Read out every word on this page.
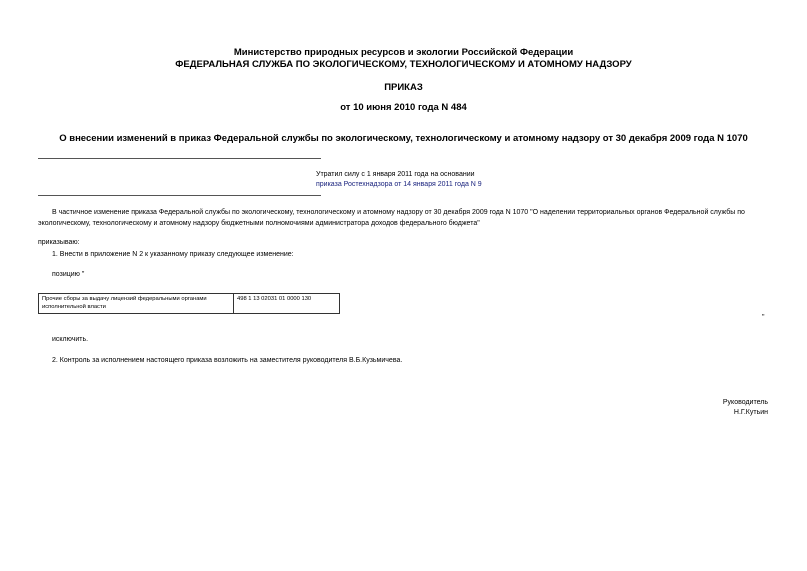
Министерство природных ресурсов и экологии Российской Федерации
ФЕДЕРАЛЬНАЯ СЛУЖБА ПО ЭКОЛОГИЧЕСКОМУ, ТЕХНОЛОГИЧЕСКОМУ И АТОМНОМУ НАДЗОРУ
ПРИКАЗ
от 10 июня 2010 года N 484
О внесении изменений в приказ Федеральной службы по экологическому, технологическому и атомному надзору от 30 декабря 2009 года N 1070
Утратил силу с 1 января 2011 года на основании
приказа Ростехнадзора от 14 января 2011 года N 9
В частичное изменение приказа Федеральной службы по экологическому, технологическому и атомному надзору от 30 декабря 2009 года N 1070 "О наделении территориальных органов Федеральной службы по
экологическому, технологическому и атомному надзору бюджетными полномочиями администратора доходов федерального бюджета"
приказываю:
1. Внести в приложение N 2 к указанному приказу следующее изменение:
позицию "
Прочие сборы за выдачу лицензий федеральными органами исполнительной власти	498 1 13 02031 01 0000 130
"
исключить.
2. Контроль за исполнением настоящего приказа возложить на заместителя руководителя В.Б.Кузьмичева.
Руководитель
Н.Г.Кутьин
